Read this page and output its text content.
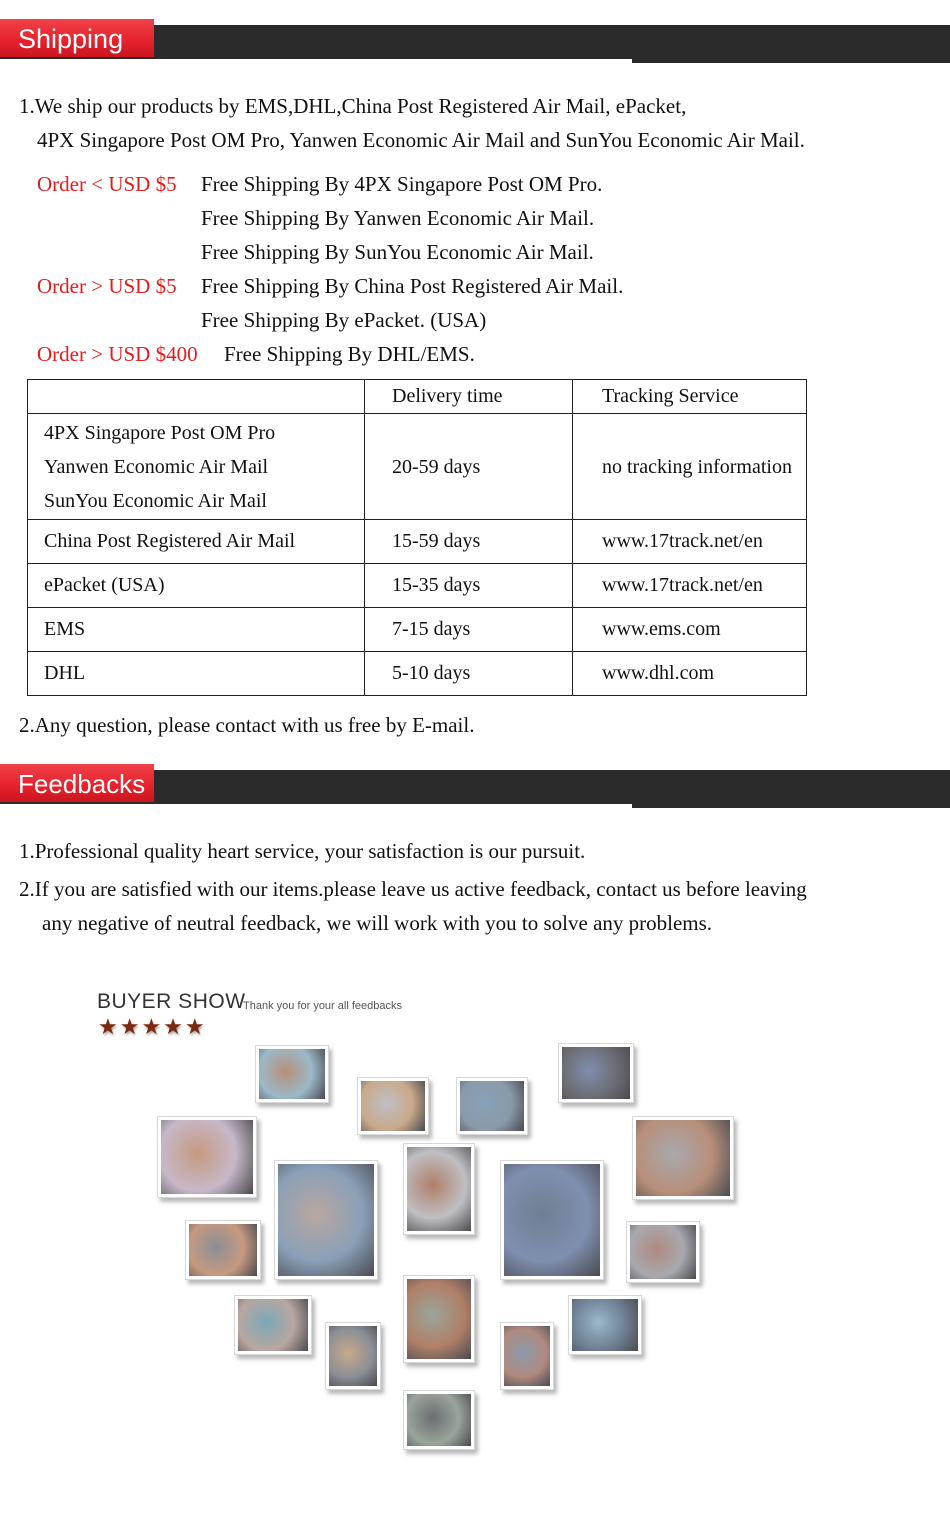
Shipping
1.We ship our products by EMS,DHL,China Post Registered Air Mail, ePacket,
4PX Singapore Post OM Pro, Yanwen Economic Air Mail and SunYou Economic Air Mail.
Order < USD $5 Free Shipping By 4PX Singapore Post OM Pro.
Free Shipping By Yanwen Economic Air Mail.
Free Shipping By SunYou Economic Air Mail.
Order > USD $5 Free Shipping By China Post Registered Air Mail.
Free Shipping By ePacket. (USA)
Order > USD $400 Free Shipping By DHL/EMS.
	Delivery time	Tracking Service

4PX Singapore Post OM Pro
Yanwen Economic Air Mail
SunYou Economic Air Mail	20-59 days	no tracking information

China Post Registered Air Mail	15-59 days	www.17track.net/en

ePacket (USA)	15-35 days	www.17track.net/en

EMS	7-15 days	www.ems.com

DHL	5-10 days	www.dhl.com
2.Any question, please contact with us free by E-mail.
Feedbacks
1.Professional quality heart service, your satisfaction is our pursuit.
2.If you are satisfied with our items.please leave us active feedback, contact us before leaving
any negative of neutral feedback, we will work with you to solve any problems.
BUYER SHOW
Thank you for your all feedbacks
★★★★★
